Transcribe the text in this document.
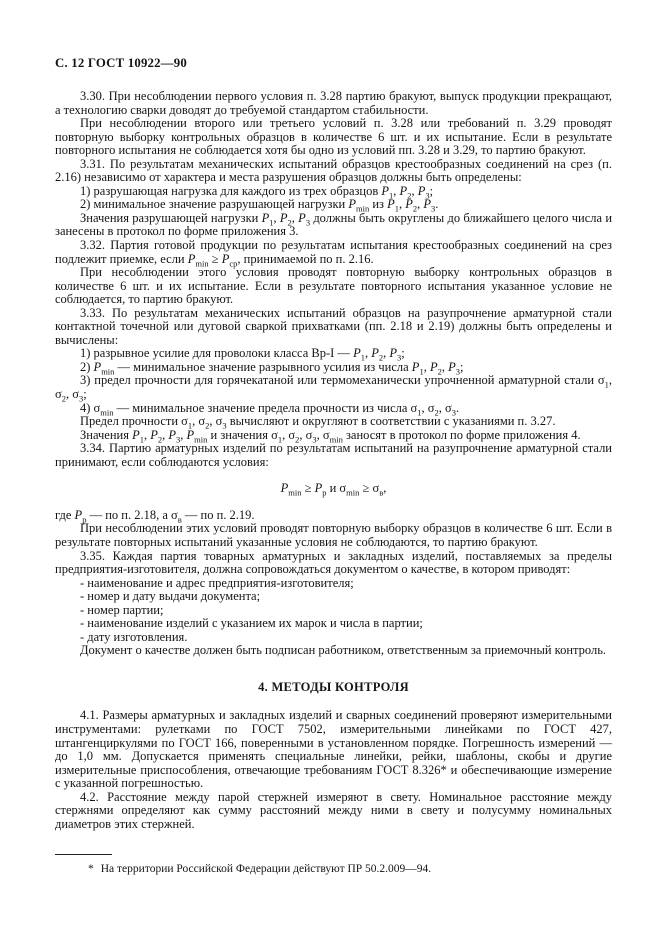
С. 12 ГОСТ 10922—90

3.30. При несоблюдении первого условия п. 3.28 партию бракуют, выпуск продукции прекращают, а технологию сварки доводят до требуемой стандартом стабильности.

При несоблюдении второго или третьего условий п. 3.28 или требований п. 3.29 проводят повторную выборку контрольных образцов в количестве 6 шт. и их испытание. Если в результате повторного испытания не соблюдается хотя бы одно из условий пп. 3.28 и 3.29, то партию бракуют.

3.31. По результатам механических испытаний образцов крестообразных соединений на срез (п. 2.16) независимо от характера и места разрушения образцов должны быть определены:

1) разрушающая нагрузка для каждого из трех образцов $P_1$, $P_2$, $P_3$;

2) минимальное значение разрушающей нагрузки $P_{min}$ из $P_1$, $P_2$, $P_3$.

Значения разрушающей нагрузки $P_1$, $P_2$, $P_3$ должны быть округлены до ближайшего целого числа и занесены в протокол по форме приложения 3.

3.32. Партия готовой продукции по результатам испытания крестообразных соединений на срез подлежит приемке, если $P_{min} \ge P_{ср}$, принимаемой по п. 2.16.

При несоблюдении этого условия проводят повторную выборку контрольных образцов в количестве 6 шт. и их испытание. Если в результате повторного испытания указанное условие не соблюдается, то партию бракуют.

3.33. По результатам механических испытаний образцов на разупрочнение арматурной стали контактной точечной или дуговой сваркой прихватками (пп. 2.18 и 2.19) должны быть определены и вычислены:

1) разрывное усилие для проволоки класса Вр-I — $P_1$, $P_2$, $P_3$;

2) $P_{min}$ — минимальное значение разрывного усилия из числа $P_1$, $P_2$, $P_3$;

3) предел прочности для горячекатаной или термомеханически упрочненной арматурной стали $\sigma_1$, $\sigma_2$, $\sigma_3$;

4) $\sigma_{min}$ — минимальное значение предела прочности из числа $\sigma_1$, $\sigma_2$, $\sigma_3$.

Предел прочности $\sigma_1$, $\sigma_2$, $\sigma_3$ вычисляют и округляют в соответствии с указаниями п. 3.27.

Значения $P_1$, $P_2$, $P_3$, $P_{min}$ и значения $\sigma_1$, $\sigma_2$, $\sigma_3$, $\sigma_{min}$ заносят в протокол по форме приложения 4.

3.34. Партию арматурных изделий по результатам испытаний на разупрочнение арматурной стали принимают, если соблюдаются условия:

$P_{min} \ge P_р$ и $\sigma_{min} \ge \sigma_в$,

где $P_р$ — по п. 2.18, а $\sigma_в$ — по п. 2.19.

При несоблюдении этих условий проводят повторную выборку образцов в количестве 6 шт. Если в результате повторных испытаний указанные условия не соблюдаются, то партию бракуют.

3.35. Каждая партия товарных арматурных и закладных изделий, поставляемых за пределы предприятия-изготовителя, должна сопровождаться документом о качестве, в котором приводят:

- наименование и адрес предприятия-изготовителя;

- номер и дату выдачи документа;

- номер партии;

- наименование изделий с указанием их марок и числа в партии;

- дату изготовления.

Документ о качестве должен быть подписан работником, ответственным за приемочный контроль.

4. МЕТОДЫ КОНТРОЛЯ

4.1. Размеры арматурных и закладных изделий и сварных соединений проверяют измерительными инструментами: рулетками по ГОСТ 7502, измерительными линейками по ГОСТ 427, штангенциркулями по ГОСТ 166, поверенными в установленном порядке. Погрешность измерений — до 1,0 мм. Допускается применять специальные линейки, рейки, шаблоны, скобы и другие измерительные приспособления, отвечающие требованиям ГОСТ 8.326* и обеспечивающие измерение с указанной погрешностью.

4.2. Расстояние между парой стержней измеряют в свету. Номинальное расстояние между стержнями определяют как сумму расстояний между ними в свету и полусумму номинальных диаметров этих стержней.

* На территории Российской Федерации действуют ПР 50.2.009—94.
